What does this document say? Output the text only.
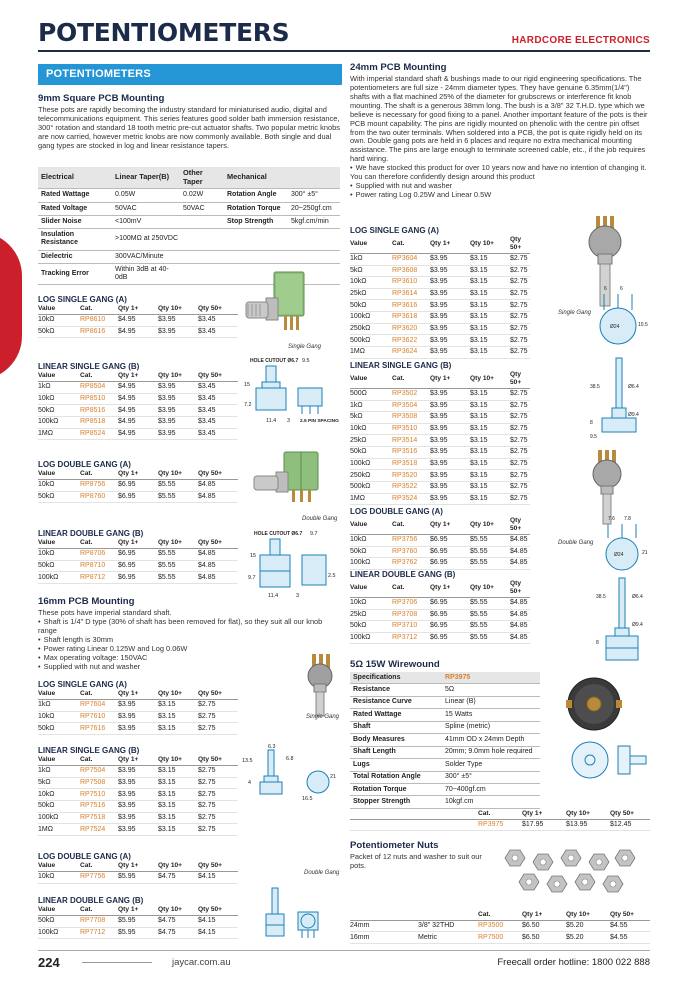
POTENTIOMETERS	HARDCORE ELECTRONICS
POTENTIOMETERS
9mm Square PCB Mounting
These pots are rapidly becoming the industry standard for miniaturised audio, digital and telecommunications equipment. This series features good solder bath immersion resistance, 300° rotation and standard 18 tooth metric pre-cut actuator shafts. Two popular metric knobs are now carried, however metric knobs are now commonly available. Both single and dual gang types are stocked in log and linear resistance tapers.
Electrical	Linear Taper(B)	Other Taper	Mechanical	
Rated Wattage	0.05W	0.02W	Rotation Angle	300° ±5°
Rated Voltage	50VAC	50VAC	Rotation Torque	20~250gf.cm
Slider Noise	<100mV		Stop Strength	5kgf.cm/min
Insulation Resistance	>100MΩ at 250VDC			
Dielectric	300VAC/Minute			
Tracking Error	Within 3dB at 40-0dB			
LOG SINGLE GANG (A)
Value	Cat.	Qty 1+	Qty 10+	Qty 50+
10kΩ	RP8610	$4.95	$3.95	$3.45
50kΩ	RP8616	$4.95	$3.95	$3.45
LINEAR SINGLE GANG (B)
Value	Cat.	Qty 1+	Qty 10+	Qty 50+
1kΩ	RP8504	$4.95	$3.95	$3.45
10kΩ	RP8510	$4.95	$3.95	$3.45
50kΩ	RP8516	$4.95	$3.95	$3.45
100kΩ	RP8518	$4.95	$3.95	$3.45
1MΩ	RP8524	$4.95	$3.95	$3.45
LOG DOUBLE GANG (A)
Value	Cat.	Qty 1+	Qty 10+	Qty 50+
10kΩ	RP8756	$6.95	$5.55	$4.85
50kΩ	RP8760	$6.95	$5.55	$4.85
LINEAR DOUBLE GANG (B)
Value	Cat.	Qty 1+	Qty 10+	Qty 50+
10kΩ	RP8706	$6.95	$5.55	$4.85
50kΩ	RP8710	$6.95	$5.55	$4.85
100kΩ	RP8712	$6.95	$5.55	$4.85
LOG SINGLE GANG (A)
Value	Cat.	Qty 1+	Qty 10+	Qty 50+
1kΩ	RP7604	$3.95	$3.15	$2.75
10kΩ	RP7610	$3.95	$3.15	$2.75
50kΩ	RP7616	$3.95	$3.15	$2.75
LINEAR SINGLE GANG (B)
Value	Cat.	Qty 1+	Qty 10+	Qty 50+
1kΩ	RP7504	$3.95	$3.15	$2.75
5kΩ	RP7508	$3.95	$3.15	$2.75
10kΩ	RP7510	$3.95	$3.15	$2.75
50kΩ	RP7516	$3.95	$3.15	$2.75
100kΩ	RP7518	$3.95	$3.15	$2.75
1MΩ	RP7524	$3.95	$3.15	$2.75
LOG DOUBLE GANG (A)
Value	Cat.	Qty 1+	Qty 10+	Qty 50+
10kΩ	RP7756	$5.95	$4.75	$4.15
LINEAR DOUBLE GANG (B)
Value	Cat.	Qty 1+	Qty 10+	Qty 50+
50kΩ	RP7708	$5.95	$4.75	$4.15
100kΩ	RP7712	$5.95	$4.75	$4.15
Single Gang
HOLE CUTOUT Ø6.7 9.5
15
7.2
11.4 3 2.5 PIN SPACING
Double Gang
HOLE CUTOUT Ø6.7 9.7
15
9.7
11.4	3
2.5
16mm PCB Mounting
These pots have imperial standard shaft.
• Shaft is 1/4" D type (30% of shaft has been removed for flat), so they suit all our knob range
• Shaft length is 30mm
• Power rating Linear 0.125W and Log 0.06W
• Max operating voltage: 150VAC
• Supplied with nut and washer
Single Gang
6.3
13.5	6.8
4
21
16.5
Double Gang
24mm PCB Mounting
With imperial standard shaft & bushings made to our rigid engineering specifications. The potentiometers are full size - 24mm diameter types. They have genuine 6.35mm(1/4") shafts with a flat machined 25% of the diameter for grubscrews or interference fit knob mounting. The shaft is a generous 38mm long. The bush is a 3/8" 32 T.H.D. type which we believe is necessary for good fixing to a panel. Another important feature of the pots is their PCB mount capability. The pins are rigidly mounted on phenolic with the centre pin offset from the two outer terminals. When soldered into a PCB, the pot is quite rigidly held on its own. Double gang pots are held in 6 places and require no extra mechanical mounting assistance. The pins are large enough to terminate screened cable, etc., if the job requires hard wiring.
• We have stocked this product for over 10 years now and have no intention of changing it. You can therefore confidently design around this product
• Supplied with nut and washer
• Power rating Log 0.25W and Linear 0.5W
LOG SINGLE GANG (A)
Value	Cat.	Qty 1+	Qty 10+	Qty 50+
1kΩ	RP3604	$3.95	$3.15	$2.75
5kΩ	RP3608	$3.95	$3.15	$2.75
10kΩ	RP3610	$3.95	$3.15	$2.75
25kΩ	RP3614	$3.95	$3.15	$2.75
50kΩ	RP3616	$3.95	$3.15	$2.75
100kΩ	RP3618	$3.95	$3.15	$2.75
250kΩ	RP3620	$3.95	$3.15	$2.75
500kΩ	RP3622	$3.95	$3.15	$2.75
1MΩ	RP3624	$3.95	$3.15	$2.75
LINEAR SINGLE GANG (B)
Value	Cat.	Qty 1+	Qty 10+	Qty 50+
500Ω	RP3502	$3.95	$3.15	$2.75
1kΩ	RP3504	$3.95	$3.15	$2.75
5kΩ	RP3508	$3.95	$3.15	$2.75
10kΩ	RP3510	$3.95	$3.15	$2.75
25kΩ	RP3514	$3.95	$3.15	$2.75
50kΩ	RP3516	$3.95	$3.15	$2.75
100kΩ	RP3518	$3.95	$3.15	$2.75
250kΩ	RP3520	$3.95	$3.15	$2.75
500kΩ	RP3522	$3.95	$3.15	$2.75
1MΩ	RP3524	$3.95	$3.15	$2.75
LOG DOUBLE GANG (A)
Value	Cat.	Qty 1+	Qty 10+	Qty 50+
10kΩ	RP3756	$6.95	$5.55	$4.85
50kΩ	RP3760	$6.95	$5.55	$4.85
100kΩ	RP3762	$6.95	$5.55	$4.85
LINEAR DOUBLE GANG (B)
Value	Cat.	Qty 1+	Qty 10+	Qty 50+
10kΩ	RP3706	$6.95	$5.55	$4.85
25kΩ	RP3708	$6.95	$5.55	$4.85
50kΩ	RP3710	$6.95	$5.55	$4.85
100kΩ	RP3712	$6.95	$5.55	$4.85
Single Gang
6	6
Ø24	10.5
38.5	Ø6.4
Ø9.4
8
9.5
Double Gang
7.6 7.8
Ø24	21
38.5	Ø6.4
Ø9.4
8
5Ω 15W Wirewound
Specifications	RP3975
Resistance	5Ω
Resistance Curve	Linear (B)
Rated Wattage	15 Watts
Shaft	Spline (metric)
Body Measures	41mm OD x 24mm Depth
Shaft Length	20mm; 9.0mm hole required
Lugs	Solder Type
Total Rotation Angle	300° ±5°
Rotation Torque	70~400gf.cm
Stopper Strength	10kgf.cm
	Cat.	Qty 1+	Qty 10+	Qty 50+
	RP3975	$17.95	$13.95	$12.45
Potentiometer Nuts
Packet of 12 nuts and washer to suit our pots.
		Cat.	Qty 1+	Qty 10+	Qty 50+
24mm	3/8" 32THD	RP3500	$6.50	$5.20	$4.55
16mm	Metric	RP7500	$6.50	$5.20	$4.55
224	jaycar.com.au	Freecall order hotline: 1800 022 888
